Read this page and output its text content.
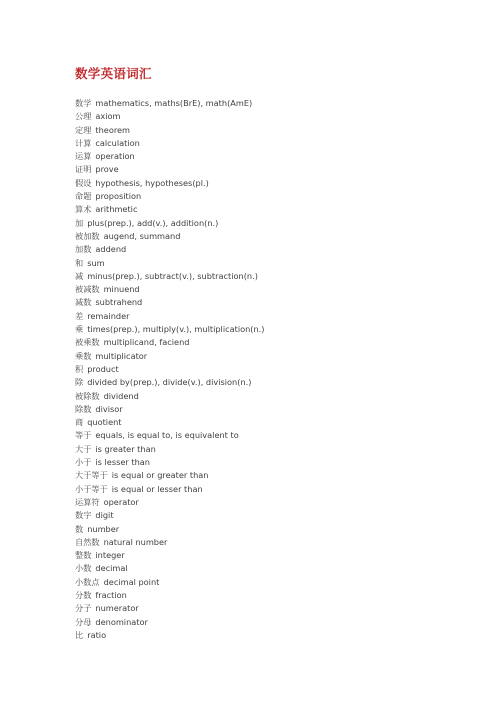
数学英语词汇
数学 mathematics, maths(BrE), math(AmE)
公理 axiom
定理 theorem
计算 calculation
运算 operation
证明 prove
假设 hypothesis, hypotheses(pl.)
命题 proposition
算术 arithmetic
加 plus(prep.), add(v.), addition(n.)
被加数 augend, summand
加数 addend
和 sum
减 minus(prep.), subtract(v.), subtraction(n.)
被减数 minuend
减数 subtrahend
差 remainder
乘 times(prep.), multiply(v.), multiplication(n.)
被乘数 multiplicand, faciend
乘数 multiplicator
积 product
除 divided by(prep.), divide(v.), division(n.)
被除数 dividend
除数 divisor
商 quotient
等于 equals, is equal to, is equivalent to
大于 is greater than
小于 is lesser than
大于等于 is equal or greater than
小于等于 is equal or lesser than
运算符 operator
数字 digit
数 number
自然数 natural number
整数 integer
小数 decimal
小数点 decimal point
分数 fraction
分子 numerator
分母 denominator
比 ratio
